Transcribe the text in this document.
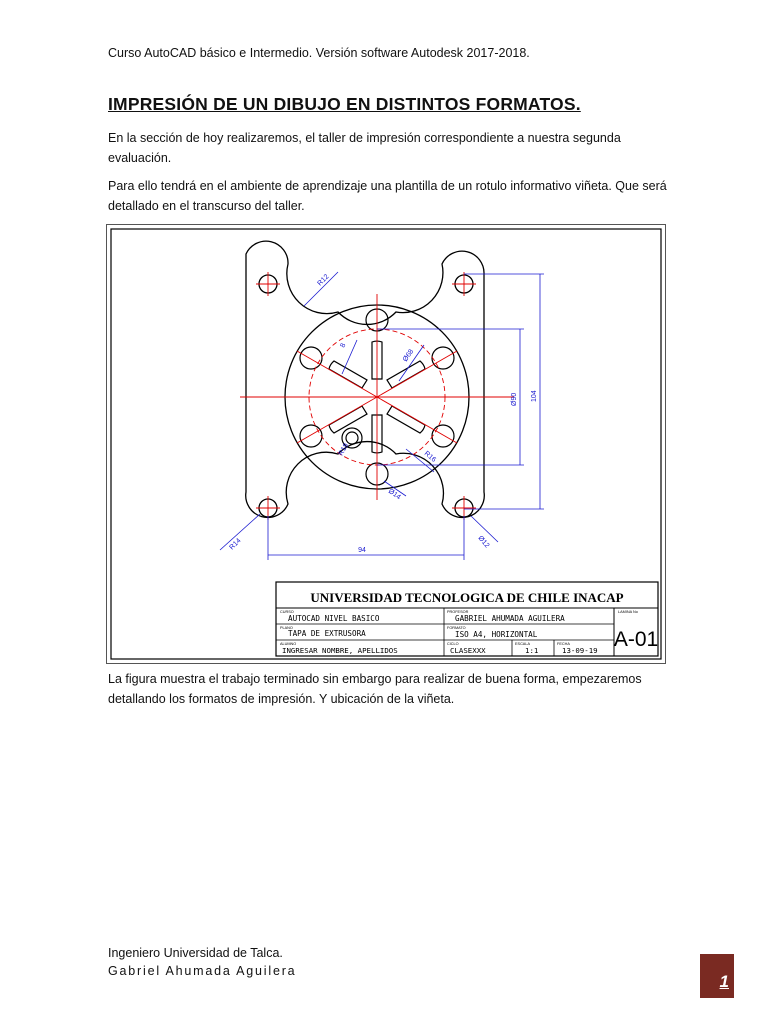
Curso AutoCAD básico e Intermedio. Versión software Autodesk 2017-2018.
IMPRESIÓN DE UN DIBUJO EN DISTINTOS FORMATOS.
En la sección de hoy realizaremos, el taller de impresión correspondiente a nuestra segunda evaluación.
Para ello tendrá en el ambiente de aprendizaje una plantilla de un rotulo informativo viñeta. Que será detallado en el transcurso del taller.
R12
8
Ø68
Ø90 104
R18	R16
Ø14
R14	Ø12
94
UNIVERSIDAD TECNOLOGICA DE CHILE INACAP
CURSO
AUTOCAD NIVEL BASICO
PROFESOR
GABRIEL AHUMADA AGUILERA
LAMINA No
A-01
PLANO
TAPA DE EXTRUSORA
FORMATO
ISO A4, HORIZONTAL
ALUMNO
INGRESAR NOMBRE, APELLIDOS
CICLO
CLASEXXX
ESCALA
1:1
FECHA
13-09-19
La figura muestra el trabajo terminado sin embargo para realizar de buena forma, empezaremos detallando los formatos de impresión. Y ubicación de la viñeta.
Ingeniero Universidad de Talca.
Gabriel Ahumada Aguilera
1
